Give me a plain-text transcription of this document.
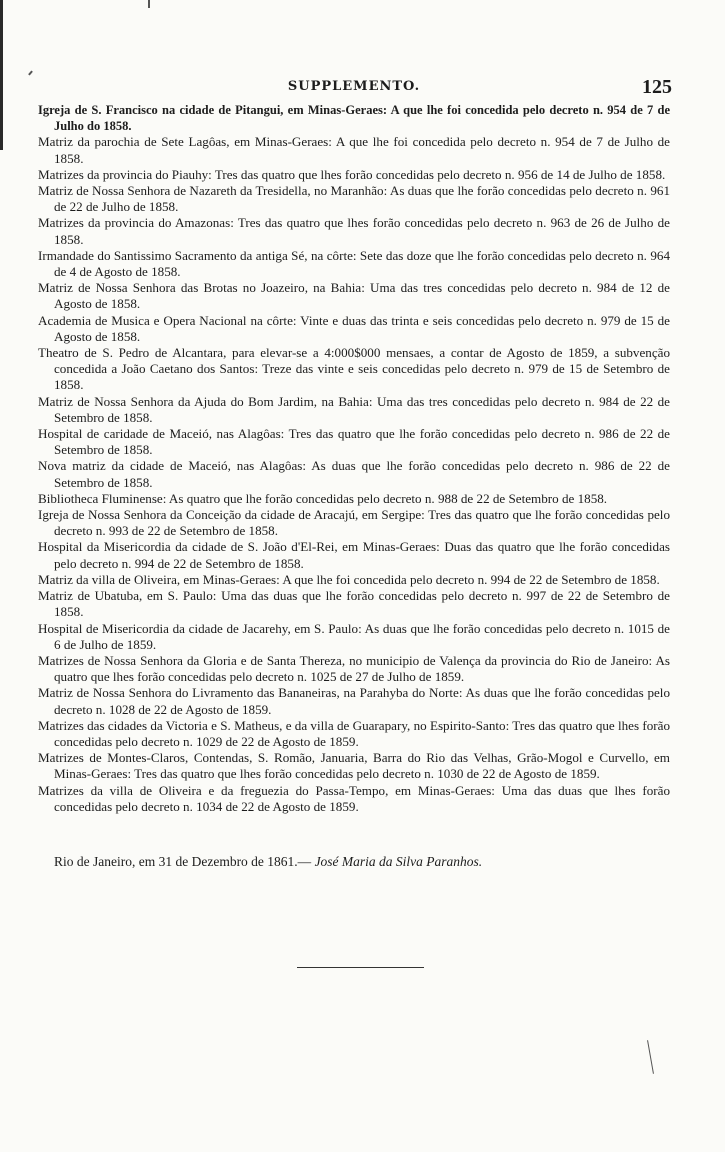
SUPPLEMENTO.	125
Igreja de S. Francisco na cidade de Pitangui, em Minas-Geraes: A que lhe foi concedida pelo decreto n. 954 de 7 de Julho do 1858.
Matriz da parochia de Sete Lagôas, em Minas-Geraes: A que lhe foi concedida pelo decreto n. 954 de 7 de Julho de 1858.
Matrizes da provincia do Piauhy: Tres das quatro que lhes forão concedidas pelo decreto n. 956 de 14 de Julho de 1858.
Matriz de Nossa Senhora de Nazareth da Tresidella, no Maranhão: As duas que lhe forão concedidas pelo decreto n. 961 de 22 de Julho de 1858.
Matrizes da provincia do Amazonas: Tres das quatro que lhes forão concedidas pelo decreto n. 963 de 26 de Julho de 1858.
Irmandade do Santissimo Sacramento da antiga Sé, na côrte: Sete das doze que lhe forão concedidas pelo decreto n. 964 de 4 de Agosto de 1858.
Matriz de Nossa Senhora das Brotas no Joazeiro, na Bahia: Uma das tres concedidas pelo decreto n. 984 de 12 de Agosto de 1858.
Academia de Musica e Opera Nacional na côrte: Vinte e duas das trinta e seis concedidas pelo decreto n. 979 de 15 de Agosto de 1858.
Theatro de S. Pedro de Alcantara, para elevar-se a 4:000$000 mensaes, a contar de Agosto de 1859, a subvenção concedida a João Caetano dos Santos: Treze das vinte e seis concedidas pelo decreto n. 979 de 15 de Setembro de 1858.
Matriz de Nossa Senhora da Ajuda do Bom Jardim, na Bahia: Uma das tres concedidas pelo decreto n. 984 de 22 de Setembro de 1858.
Hospital de caridade de Maceió, nas Alagôas: Tres das quatro que lhe forão concedidas pelo decreto n. 986 de 22 de Setembro de 1858.
Nova matriz da cidade de Maceió, nas Alagôas: As duas que lhe forão concedidas pelo decreto n. 986 de 22 de Setembro de 1858.
Bibliotheca Fluminense: As quatro que lhe forão concedidas pelo decreto n. 988 de 22 de Setembro de 1858.
Igreja de Nossa Senhora da Conceição da cidade de Aracajú, em Sergipe: Tres das quatro que lhe forão concedidas pelo decreto n. 993 de 22 de Setembro de 1858.
Hospital da Misericordia da cidade de S. João d'El-Rei, em Minas-Geraes: Duas das quatro que lhe forão concedidas pelo decreto n. 994 de 22 de Setembro de 1858.
Matriz da villa de Oliveira, em Minas-Geraes: A que lhe foi concedida pelo decreto n. 994 de 22 de Setembro de 1858.
Matriz de Ubatuba, em S. Paulo: Uma das duas que lhe forão concedidas pelo decreto n. 997 de 22 de Setembro de 1858.
Hospital de Misericordia da cidade de Jacarehy, em S. Paulo: As duas que lhe forão concedidas pelo decreto n. 1015 de 6 de Julho de 1859.
Matrizes de Nossa Senhora da Gloria e de Santa Thereza, no municipio de Valença da provincia do Rio de Janeiro: As quatro que lhes forão concedidas pelo decreto n. 1025 de 27 de Julho de 1859.
Matriz de Nossa Senhora do Livramento das Bananeiras, na Parahyba do Norte: As duas que lhe forão concedidas pelo decreto n. 1028 de 22 de Agosto de 1859.
Matrizes das cidades da Victoria e S. Matheus, e da villa de Guarapary, no Espirito-Santo: Tres das quatro que lhes forão concedidas pelo decreto n. 1029 de 22 de Agosto de 1859.
Matrizes de Montes-Claros, Contendas, S. Romão, Januaria, Barra do Rio das Velhas, Grão-Mogol e Curvello, em Minas-Geraes: Tres das quatro que lhes forão concedidas pelo decreto n. 1030 de 22 de Agosto de 1859.
Matrizes da villa de Oliveira e da freguezia do Passa-Tempo, em Minas-Geraes: Uma das duas que lhes forão concedidas pelo decreto n. 1034 de 22 de Agosto de 1859.
Rio de Janeiro, em 31 de Dezembro de 1861.— José Maria da Silva Paranhos.
